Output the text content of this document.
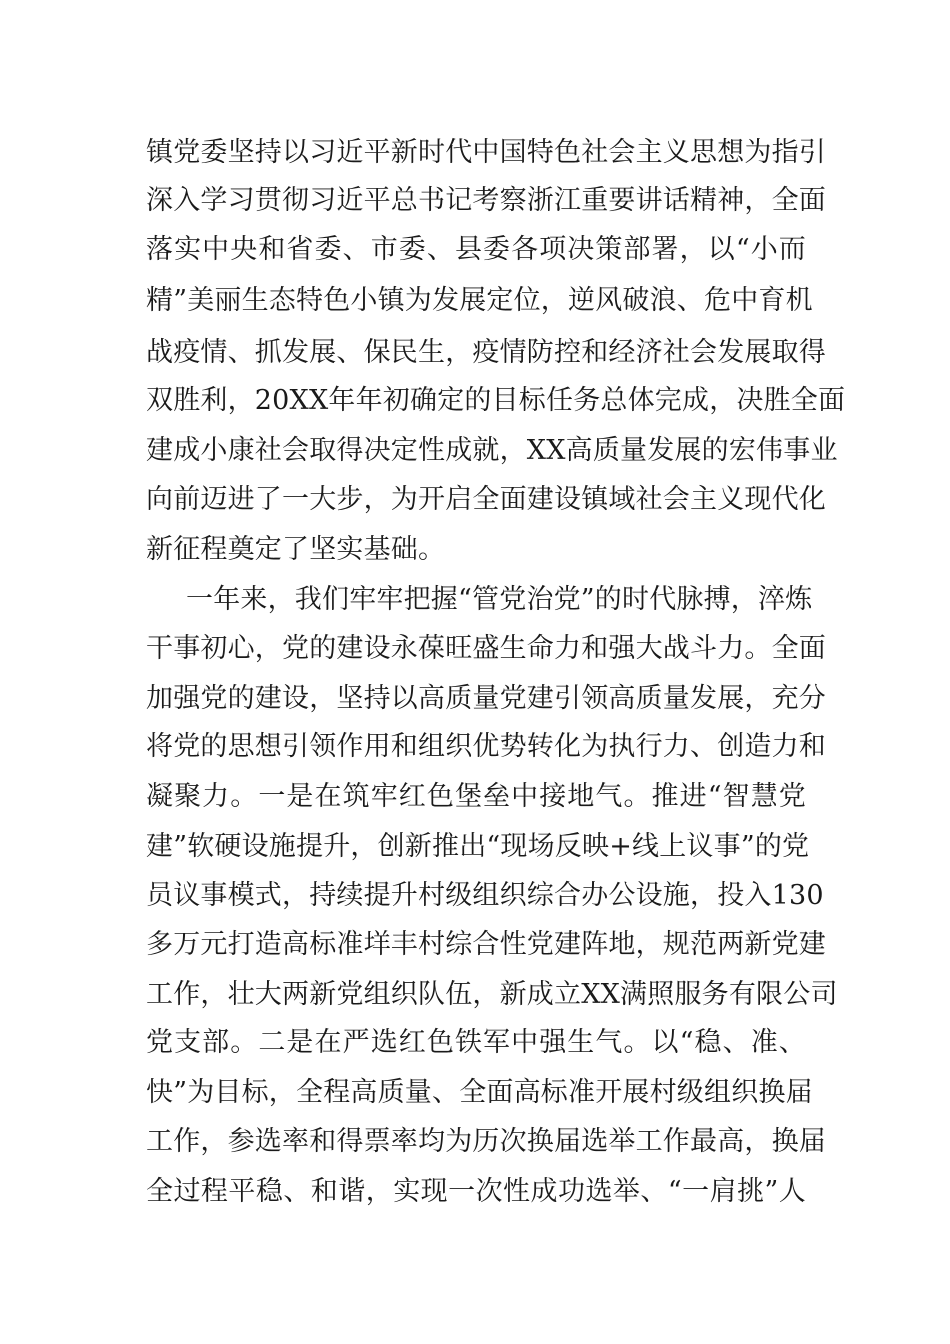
镇党委坚持以习近平新时代中国特色社会主义思想为指引
深入学习贯彻习近平总书记考察浙江重要讲话精神，全面
落实中央和省委、市委、县委各项决策部署，以“小而
精”美丽生态特色小镇为发展定位，逆风破浪、危中育机
战疫情、抓发展、保民生，疫情防控和经济社会发展取得
双胜利，20XX年年初确定的目标任务总体完成，决胜全面
建成小康社会取得决定性成就，XX高质量发展的宏伟事业
向前迈进了一大步，为开启全面建设镇域社会主义现代化
新征程奠定了坚实基础。
一年来，我们牢牢把握“管党治党”的时代脉搏，淬炼
干事初心，党的建设永葆旺盛生命力和强大战斗力。全面
加强党的建设，坚持以高质量党建引领高质量发展，充分
将党的思想引领作用和组织优势转化为执行力、创造力和
凝聚力。一是在筑牢红色堡垒中接地气。推进“智慧党
建”软硬设施提升，创新推出“现场反映+线上议事”的党
员议事模式，持续提升村级组织综合办公设施，投入130
多万元打造高标准垟丰村综合性党建阵地，规范两新党建
工作，壮大两新党组织队伍，新成立XX满照服务有限公司
党支部。二是在严选红色铁军中强生气。以“稳、准、
快”为目标，全程高质量、全面高标准开展村级组织换届
工作，参选率和得票率均为历次换届选举工作最高，换届
全过程平稳、和谐，实现一次性成功选举、“一肩挑”人
